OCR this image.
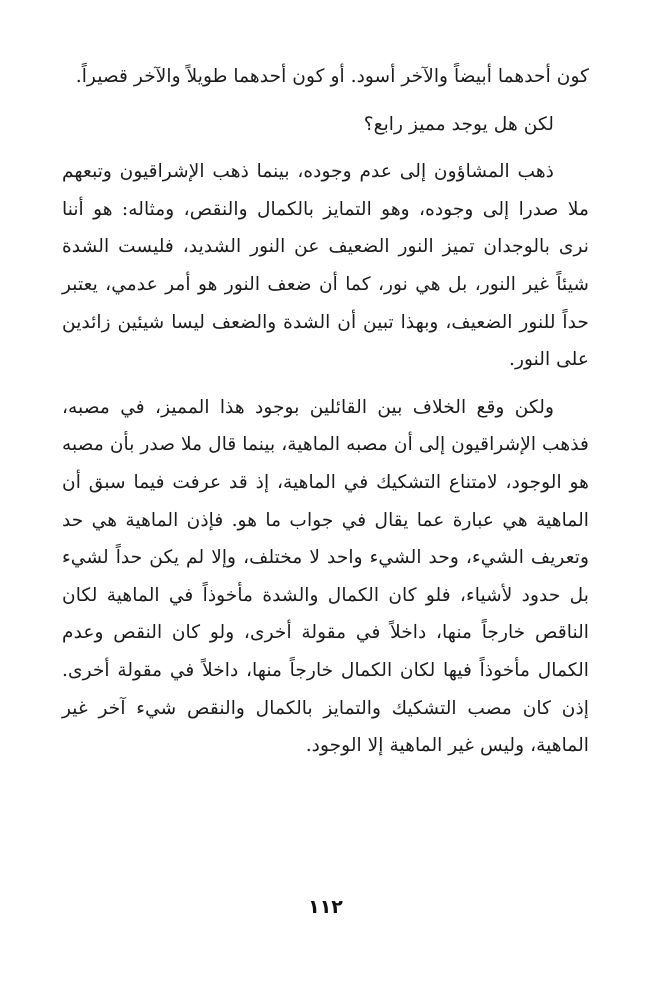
كون أحدهما أبيضاً والآخر أسود. أو كون أحدهما طويلاً والآخر قصيراً.

لكن هل يوجد مميز رابع؟

ذهب المشاؤون إلى عدم وجوده، بينما ذهب الإشراقيون وتبعهم ملا صدرا إلى وجوده، وهو التمايز بالكمال والنقص، ومثاله: هو أننا نرى بالوجدان تميز النور الضعيف عن النور الشديد، فليست الشدة شيئاً غير النور، بل هي نور، كما أن ضعف النور هو أمر عدمي، يعتبر حداً للنور الضعيف، وبهذا تبين أن الشدة والضعف ليسا شيئين زائدين على النور.

ولكن وقع الخلاف بين القائلين بوجود هذا المميز، في مصبه، فذهب الإشراقيون إلى أن مصبه الماهية، بينما قال ملا صدر بأن مصبه هو الوجود، لامتناع التشكيك في الماهية، إذ قد عرفت فيما سبق أن الماهية هي عبارة عما يقال في جواب ما هو. فإذن الماهية هي حد وتعريف الشيء، وحد الشيء واحد لا مختلف، وإلا لم يكن حداً لشيء بل حدود لأشياء، فلو كان الكمال والشدة مأخوذاً في الماهية لكان الناقص خارجاً منها، داخلاً في مقولة أخرى، ولو كان النقص وعدم الكمال مأخوذاً فيها لكان الكمال خارجاً منها، داخلاً في مقولة أخرى. إذن كان مصب التشكيك والتمايز بالكمال والنقص شيء آخر غير الماهية، وليس غير الماهية إلا الوجود.

١١٢
